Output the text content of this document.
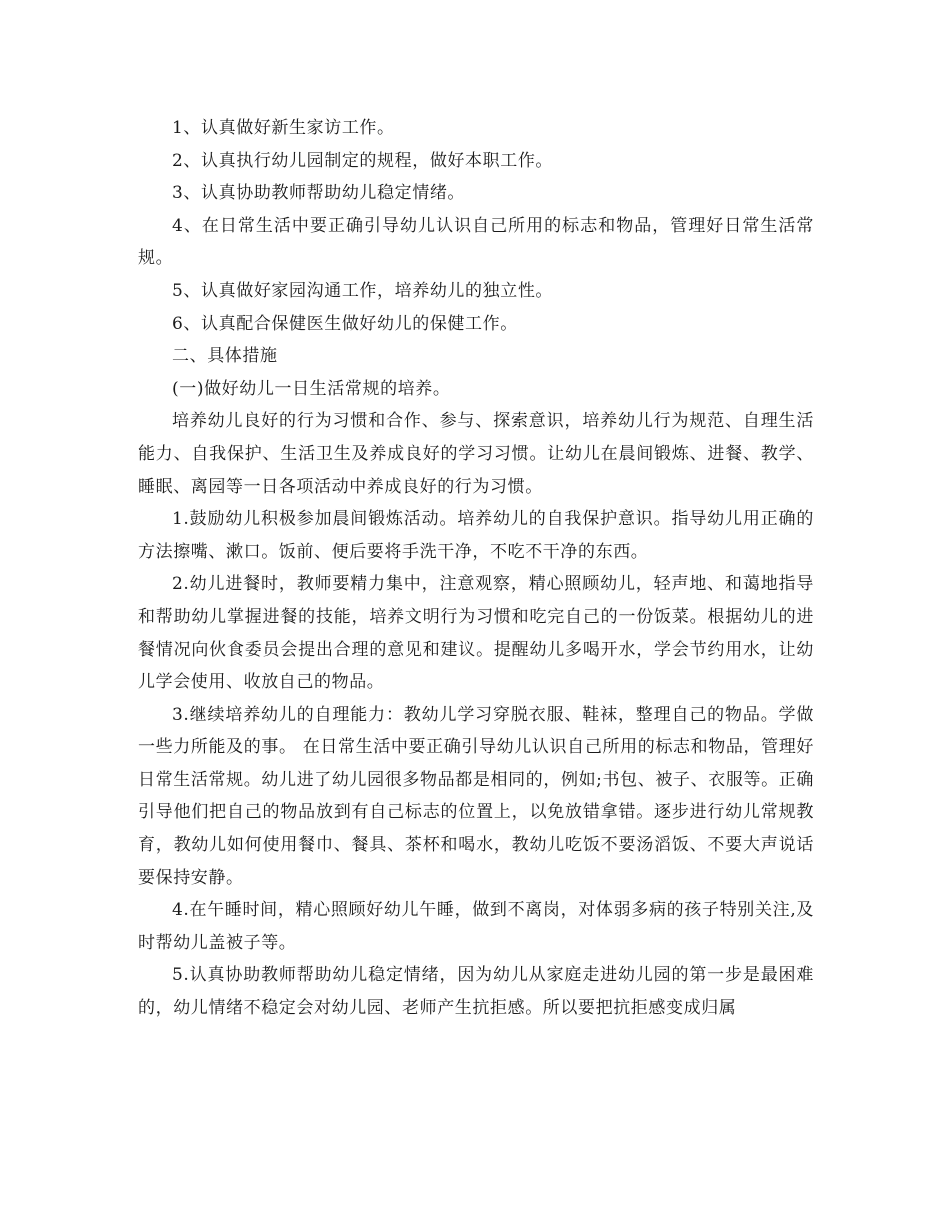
1、认真做好新生家访工作。

2、认真执行幼儿园制定的规程，做好本职工作。

3、认真协助教师帮助幼儿稳定情绪。

4、在日常生活中要正确引导幼儿认识自己所用的标志和物品，管理好日常生活常规。

5、认真做好家园沟通工作，培养幼儿的独立性。

6、认真配合保健医生做好幼儿的保健工作。

二、具体措施

(一)做好幼儿一日生活常规的培养。

培养幼儿良好的行为习惯和合作、参与、探索意识，培养幼儿行为规范、自理生活能力、自我保护、生活卫生及养成良好的学习习惯。让幼儿在晨间锻炼、进餐、教学、睡眠、离园等一日各项活动中养成良好的行为习惯。

1.鼓励幼儿积极参加晨间锻炼活动。培养幼儿的自我保护意识。指导幼儿用正确的方法擦嘴、漱口。饭前、便后要将手洗干净，不吃不干净的东西。

2.幼儿进餐时，教师要精力集中，注意观察，精心照顾幼儿，轻声地、和蔼地指导和帮助幼儿掌握进餐的技能，培养文明行为习惯和吃完自己的一份饭菜。根据幼儿的进餐情况向伙食委员会提出合理的意见和建议。提醒幼儿多喝开水，学会节约用水，让幼儿学会使用、收放自己的物品。

3.继续培养幼儿的自理能力：教幼儿学习穿脱衣服、鞋袜，整理自己的物品。学做一些力所能及的事。 在日常生活中要正确引导幼儿认识自己所用的标志和物品，管理好日常生活常规。幼儿进了幼儿园很多物品都是相同的，例如;书包、被子、衣服等。正确引导他们把自己的物品放到有自己标志的位置上，以免放错拿错。逐步进行幼儿常规教育，教幼儿如何使用餐巾、餐具、茶杯和喝水，教幼儿吃饭不要汤滔饭、不要大声说话要保持安静。

4.在午睡时间，精心照顾好幼儿午睡，做到不离岗，对体弱多病的孩子特别关注,及时帮幼儿盖被子等。

5.认真协助教师帮助幼儿稳定情绪，因为幼儿从家庭走进幼儿园的第一步是最困难的，幼儿情绪不稳定会对幼儿园、老师产生抗拒感。所以要把抗拒感变成归属
